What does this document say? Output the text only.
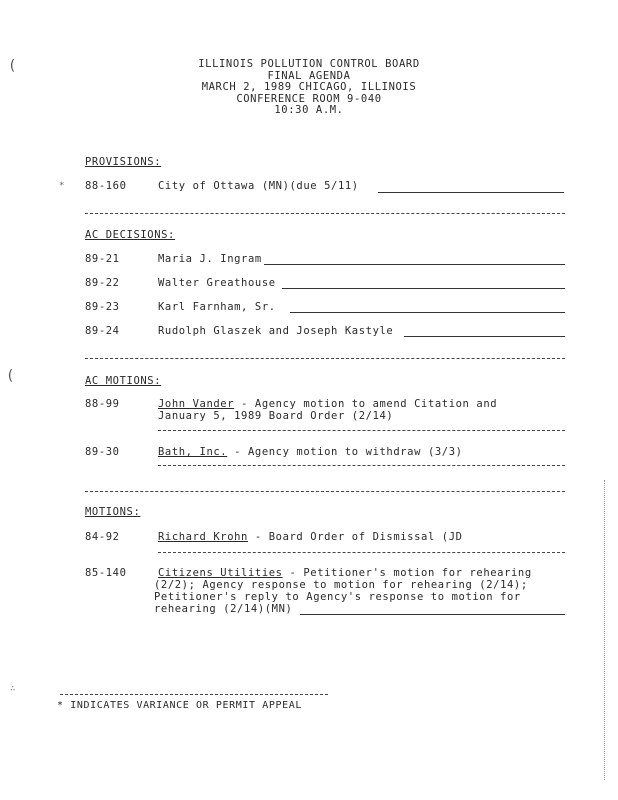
(
(
ILLINOIS POLLUTION CONTROL BOARD
FINAL AGENDA
MARCH 2, 1989 CHICAGO, ILLINOIS
CONFERENCE ROOM 9-040
10:30 A.M.
PROVISIONS:
* 88-160	City of Ottawa (MN)(due 5/11)
AC DECISIONS:
89-21	Maria J. Ingram
89-22	Walter Greathouse
89-23	Karl Farnham, Sr.
89-24	Rudolph Glaszek and Joseph Kastyle
AC MOTIONS:
88-99	John Vander - Agency motion to amend Citation and
January 5, 1989 Board Order (2/14)
89-30	Bath, Inc. - Agency motion to withdraw (3/3)
MOTIONS:
84-92	Richard Krohn - Board Order of Dismissal (JD
85-140	Citizens Utilities - Petitioner's motion for rehearing
(2/2); Agency response to motion for rehearing (2/14);
Petitioner's reply to Agency's response to motion for
rehearing (2/14)(MN)
∴
* INDICATES VARIANCE OR PERMIT APPEAL
